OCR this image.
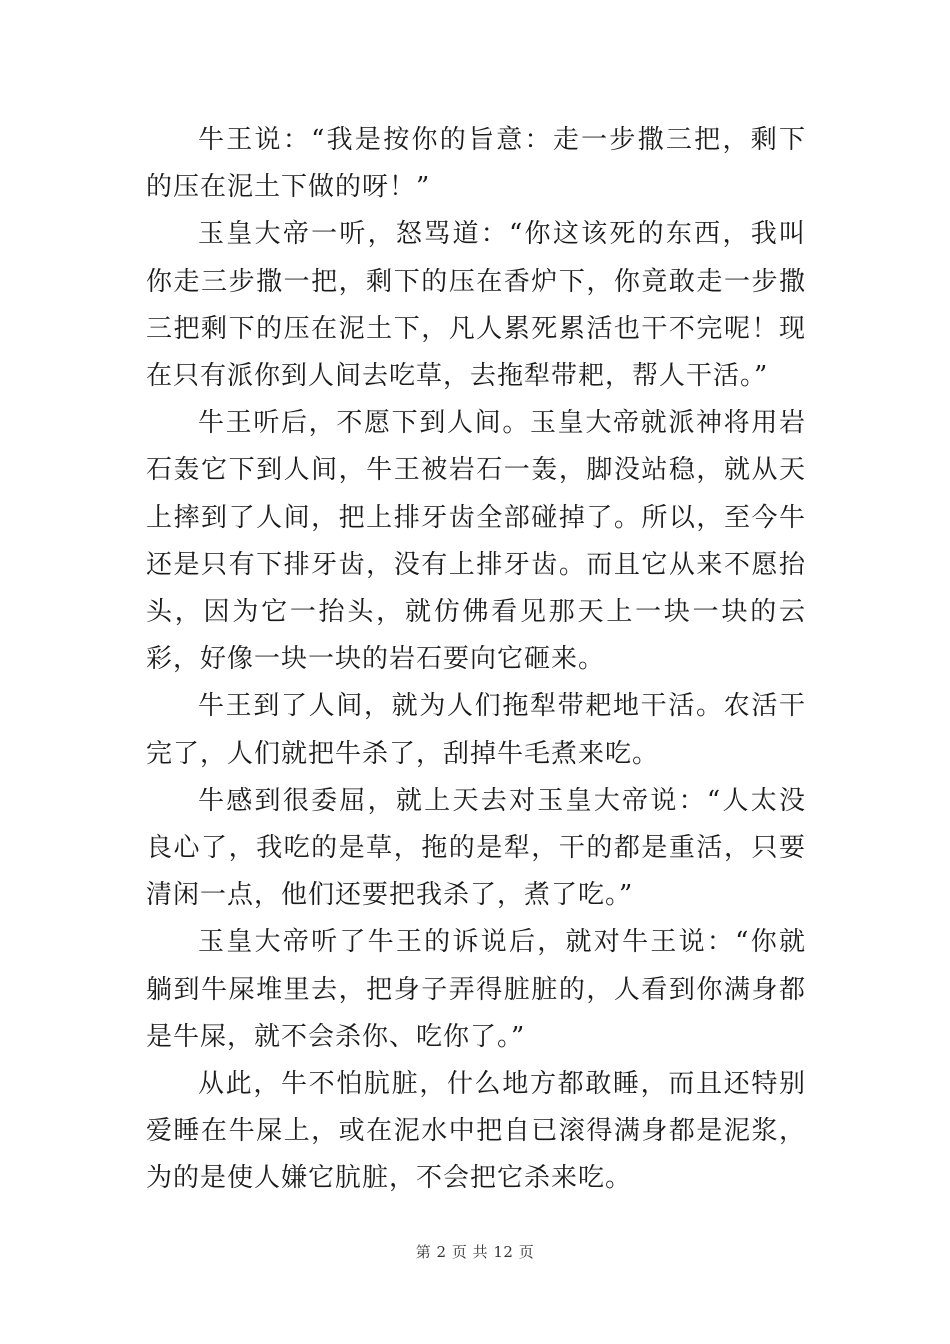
牛王说：“我是按你的旨意：走一步撒三把，剩下的压在泥土下做的呀！”

玉皇大帝一听，怒骂道：“你这该死的东西，我叫你走三步撒一把，剩下的压在香炉下，你竟敢走一步撒三把剩下的压在泥土下，凡人累死累活也干不完呢！现在只有派你到人间去吃草，去拖犁带耙，帮人干活。”

牛王听后，不愿下到人间。玉皇大帝就派神将用岩石轰它下到人间，牛王被岩石一轰，脚没站稳，就从天上摔到了人间，把上排牙齿全部碰掉了。所以，至今牛还是只有下排牙齿，没有上排牙齿。而且它从来不愿抬头，因为它一抬头，就仿佛看见那天上一块一块的云彩，好像一块一块的岩石要向它砸来。

牛王到了人间，就为人们拖犁带耙地干活。农活干完了，人们就把牛杀了，刮掉牛毛煮来吃。

牛感到很委屈，就上天去对玉皇大帝说：“人太没良心了，我吃的是草，拖的是犁，干的都是重活，只要清闲一点，他们还要把我杀了，煮了吃。”

玉皇大帝听了牛王的诉说后，就对牛王说：“你就躺到牛屎堆里去，把身子弄得脏脏的，人看到你满身都是牛屎，就不会杀你、吃你了。”

从此，牛不怕肮脏，什么地方都敢睡，而且还特别爱睡在牛屎上，或在泥水中把自已滚得满身都是泥浆，为的是使人嫌它肮脏，不会把它杀来吃。

第 2 页 共 12 页
